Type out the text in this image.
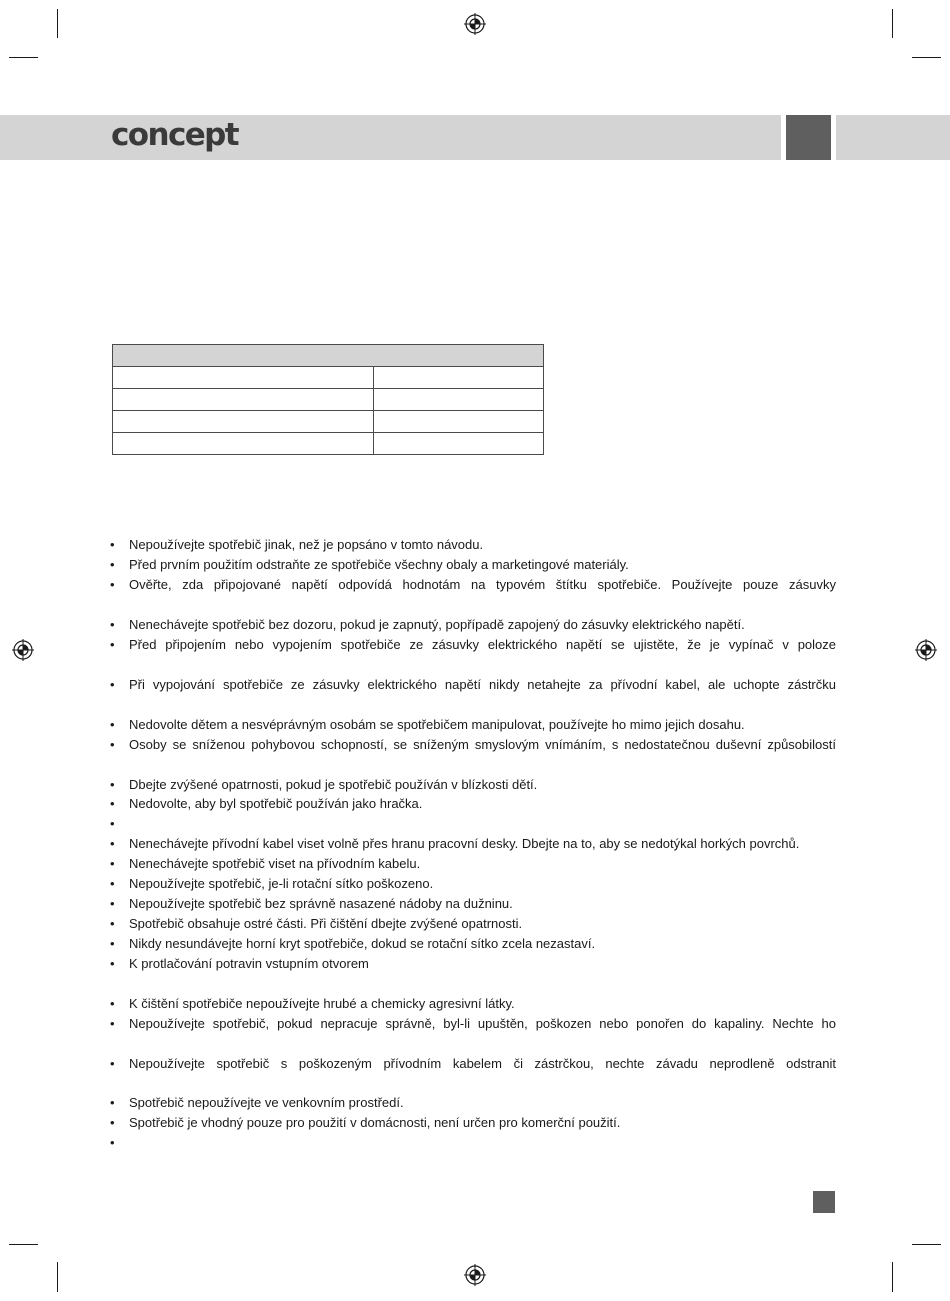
concept

•	Nepoužívejte spotřebič jinak, než je popsáno v tomto návodu.
•	Před prvním použitím odstraňte ze spotřebiče všechny obaly a marketingové materiály.
•	Ověřte, zda připojované napětí odpovídá hodnotám na typovém štítku spotřebiče. Používejte pouze zásuvky
•	Nenechávejte spotřebič bez dozoru, pokud je zapnutý, popřípadě zapojený do zásuvky elektrického napětí.
•	Před připojením nebo vypojením spotřebiče ze zásuvky elektrického napětí se ujistěte, že je vypínač v poloze
•	Při vypojování spotřebiče ze zásuvky elektrického napětí nikdy netahejte za přívodní kabel, ale uchopte zástrčku
•	Nedovolte dětem a nesvéprávným osobám se spotřebičem manipulovat, používejte ho mimo jejich dosahu.
•	Osoby se sníženou pohybovou schopností, se sníženým smyslovým vnímáním, s nedostatečnou duševní způsobilostí
•	Dbejte zvýšené opatrnosti, pokud je spotřebič používán v blízkosti dětí.
•	Nedovolte, aby byl spotřebič používán jako hračka.
•
•	Nenechávejte přívodní kabel viset volně přes hranu pracovní desky. Dbejte na to, aby se nedotýkal horkých povrchů.
•	Nenechávejte spotřebič viset na přívodním kabelu.
•	Nepoužívejte spotřebič, je-li rotační sítko poškozeno.
•	Nepoužívejte spotřebič bez správně nasazené nádoby na dužninu.
•	Spotřebič obsahuje ostré části. Při čištění dbejte zvýšené opatrnosti.
•	Nikdy nesundávejte horní kryt spotřebiče, dokud se rotační sítko zcela nezastaví.
•	K protlačování potravin vstupním otvorem
•	K čištění spotřebiče nepoužívejte hrubé a chemicky agresivní látky.
•	Nepoužívejte spotřebič, pokud nepracuje správně, byl-li upuštěn, poškozen nebo ponořen do kapaliny. Nechte ho
•	Nepoužívejte spotřebič s poškozeným přívodním kabelem či zástrčkou, nechte závadu neprodleně odstranit
•	Spotřebič nepoužívejte ve venkovním prostředí.
•	Spotřebič je vhodný pouze pro použití v domácnosti, není určen pro komerční použití.
•
